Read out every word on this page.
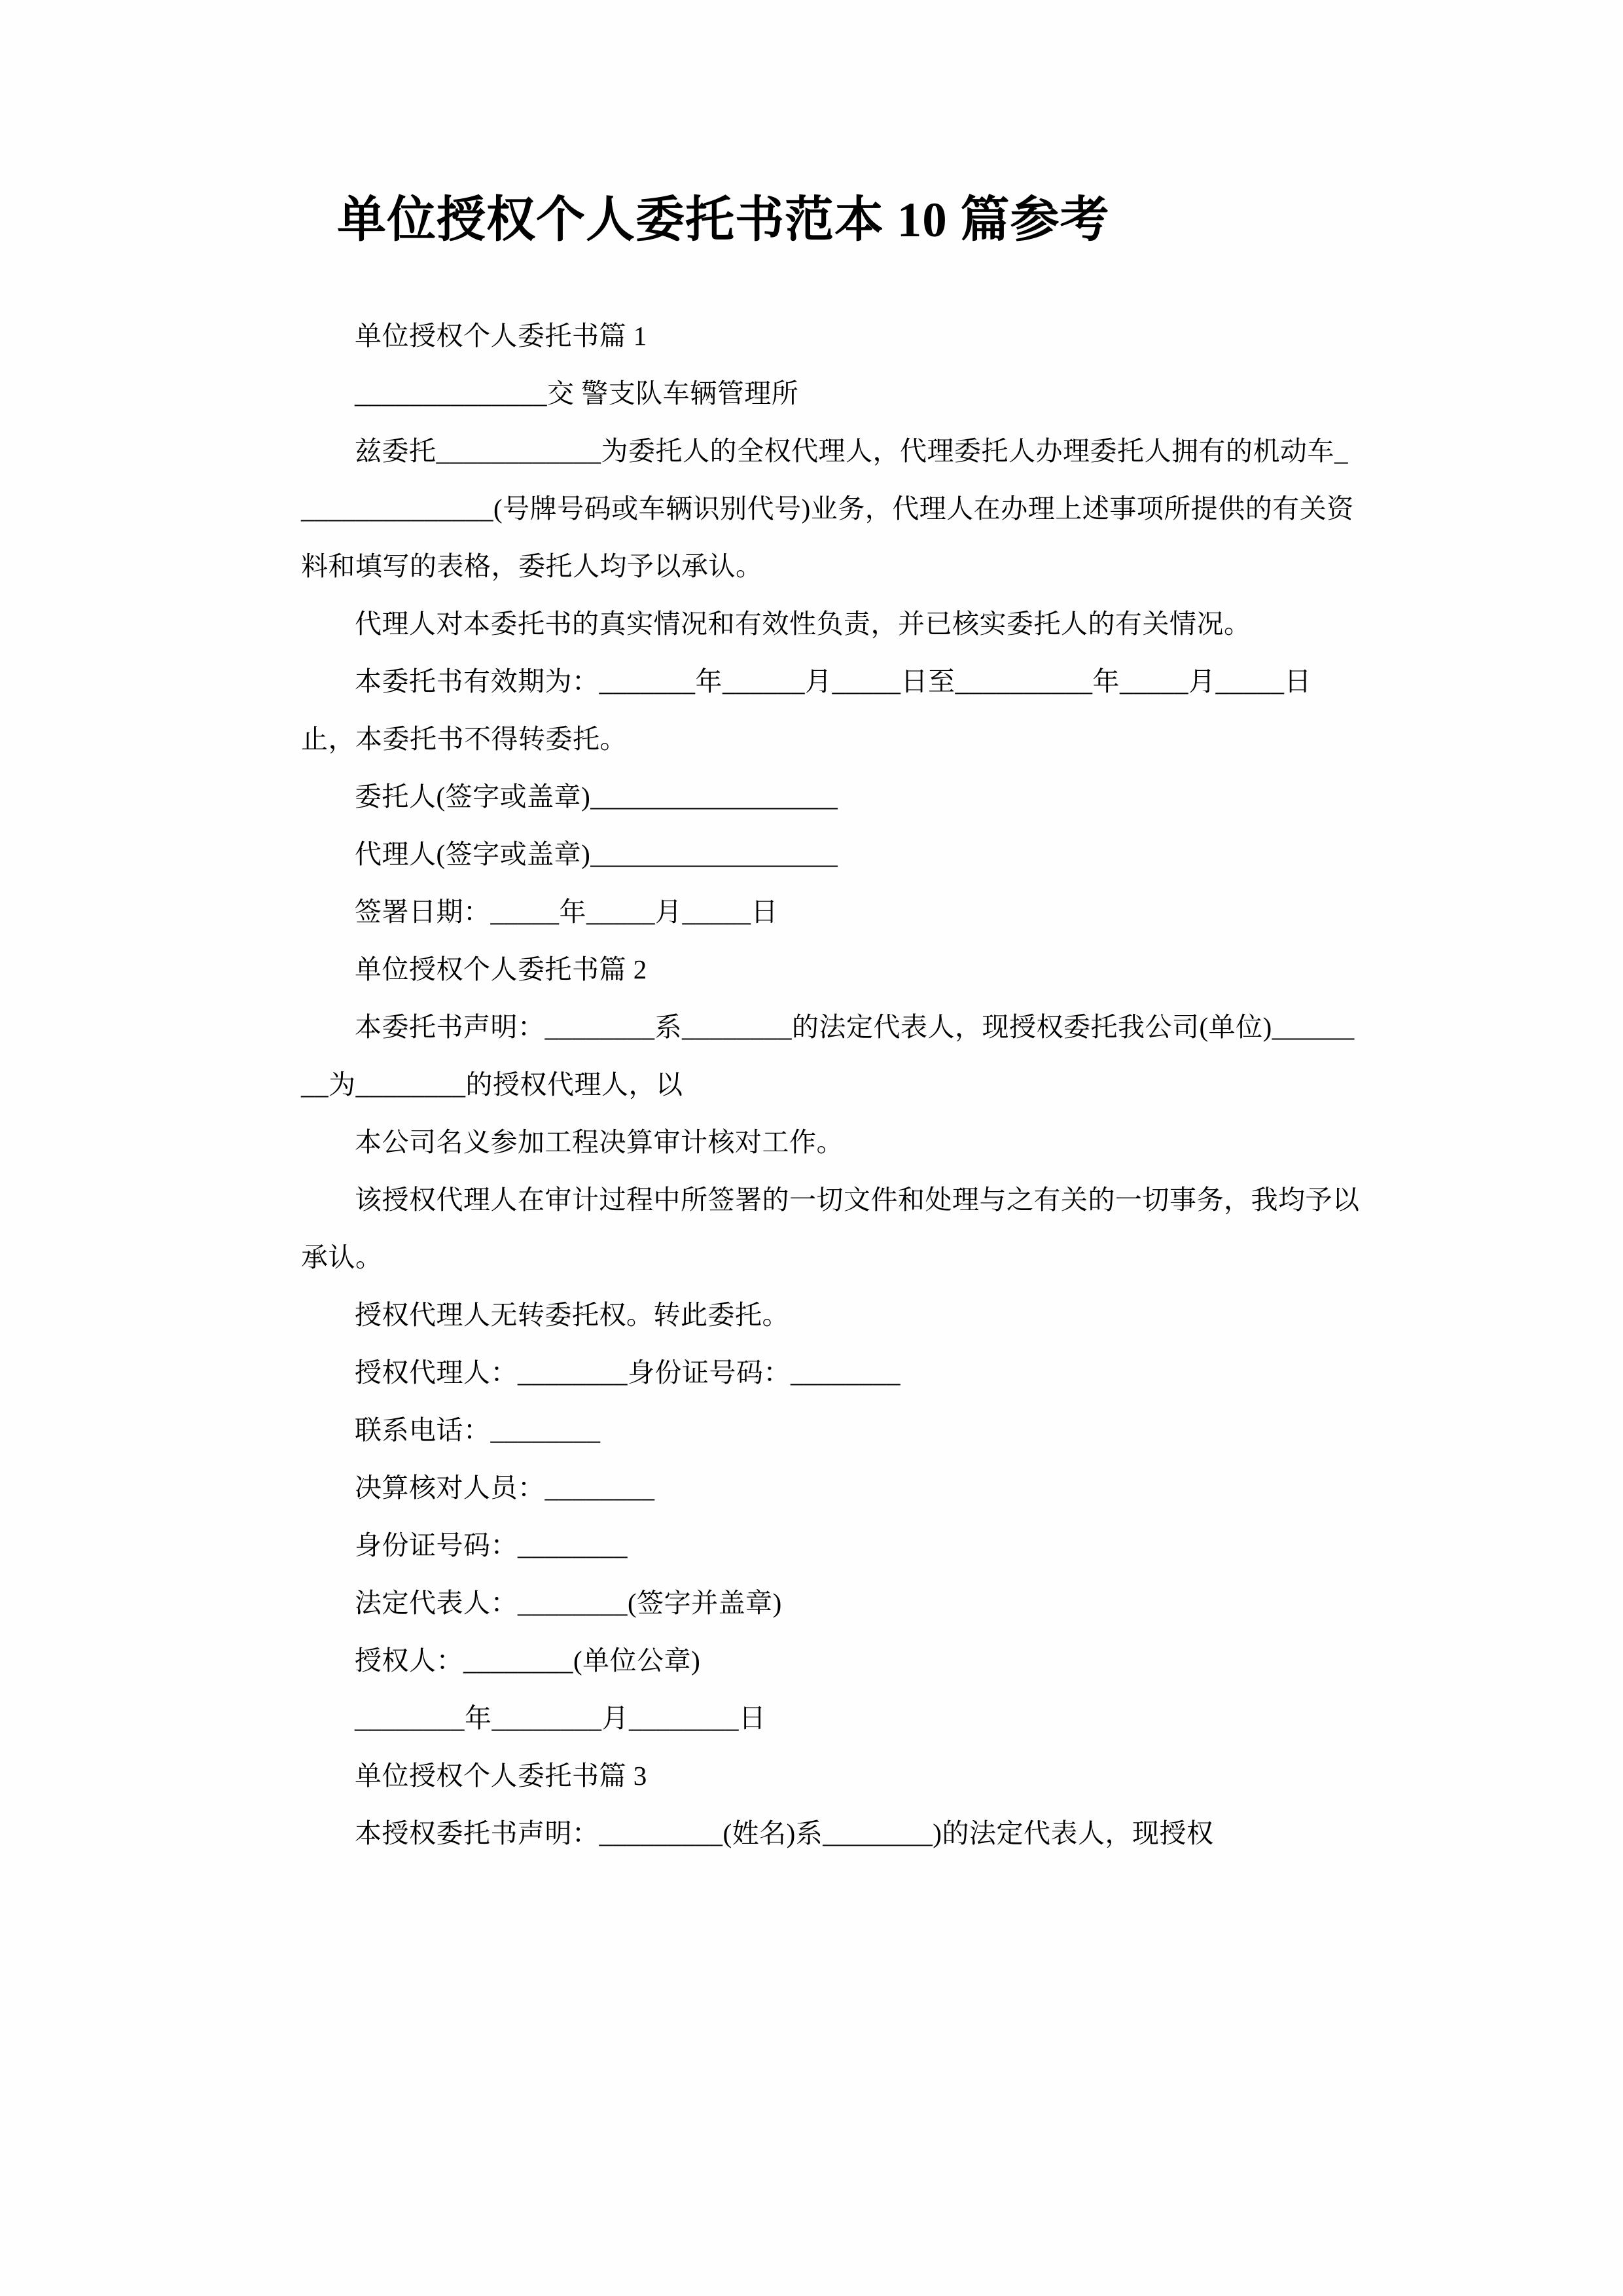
单位授权个人委托书范本 10 篇参考

单位授权个人委托书篇 1

______________交 警支队车辆管理所

兹委托____________为委托人的全权代理人，代理委托人办理委托人拥有的机动车_______________(号牌号码或车辆识别代号)业务，代理人在办理上述事项所提供的有关资料和填写的表格，委托人均予以承认。

代理人对本委托书的真实情况和有效性负责，并已核实委托人的有关情况。

本委托书有效期为：_______年______月_____日至__________年_____月_____日止，本委托书不得转委托。

委托人(签字或盖章)__________________

代理人(签字或盖章)__________________

签署日期：_____年_____月_____日

单位授权个人委托书篇 2

本委托书声明：________系________的法定代表人，现授权委托我公司(单位)________为________的授权代理人，以

本公司名义参加工程决算审计核对工作。

该授权代理人在审计过程中所签署的一切文件和处理与之有关的一切事务，我均予以承认。

授权代理人无转委托权。转此委托。

授权代理人：________身份证号码：________

联系电话：________

决算核对人员：________

身份证号码：________

法定代表人：________(签字并盖章)

授权人：________(单位公章)

________年________月________日

单位授权个人委托书篇 3

本授权委托书声明：_________(姓名)系________)的法定代表人，现授权
